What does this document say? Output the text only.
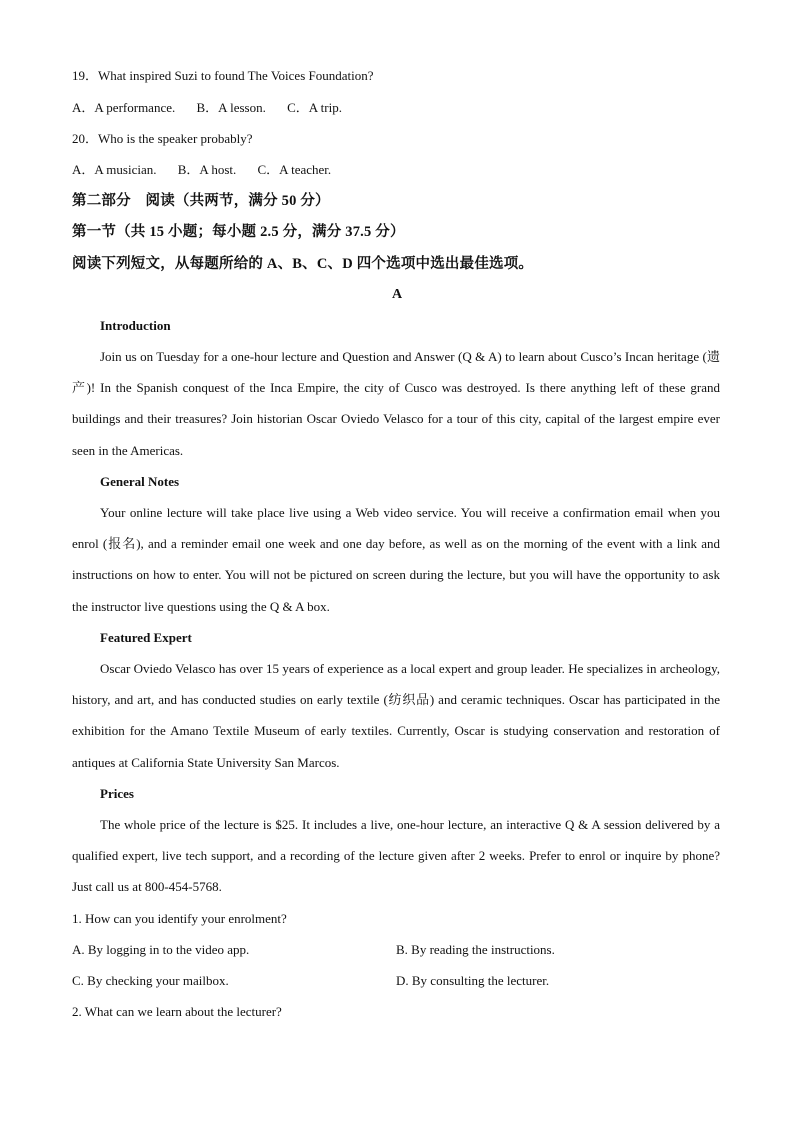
19．What inspired Suzi to found The Voices Foundation?
A．A performance. B．A lesson. C．A trip.
20．Who is the speaker probably?
A．A musician. B．A host. C．A teacher.
第二部分　阅读（共两节，满分 50 分）
第一节（共 15 小题；每小题 2.5 分，满分 37.5 分）
阅读下列短文，从每题所给的 A、B、C、D 四个选项中选出最佳选项。
A
Introduction
Join us on Tuesday for a one-hour lecture and Question and Answer (Q & A) to learn about Cusco’s Incan heritage (遗产)! In the Spanish conquest of the Inca Empire, the city of Cusco was destroyed. Is there anything left of these grand buildings and their treasures? Join historian Oscar Oviedo Velasco for a tour of this city, capital of the largest empire ever seen in the Americas.
General Notes
Your online lecture will take place live using a Web video service. You will receive a confirmation email when you enrol (报名), and a reminder email one week and one day before, as well as on the morning of the event with a link and instructions on how to enter. You will not be pictured on screen during the lecture, but you will have the opportunity to ask the instructor live questions using the Q & A box.
Featured Expert
Oscar Oviedo Velasco has over 15 years of experience as a local expert and group leader. He specializes in archeology, history, and art, and has conducted studies on early textile (纺织品) and ceramic techniques. Oscar has participated in the exhibition for the Amano Textile Museum of early textiles. Currently, Oscar is studying conservation and restoration of antiques at California State University San Marcos.
Prices
The whole price of the lecture is $25. It includes a live, one-hour lecture, an interactive Q & A session delivered by a qualified expert, live tech support, and a recording of the lecture given after 2 weeks. Prefer to enrol or inquire by phone? Just call us at 800-454-5768.
1. How can you identify your enrolment?
A. By logging in to the video app.	B. By reading the instructions.
C. By checking your mailbox.	D. By consulting the lecturer.
2. What can we learn about the lecturer?
